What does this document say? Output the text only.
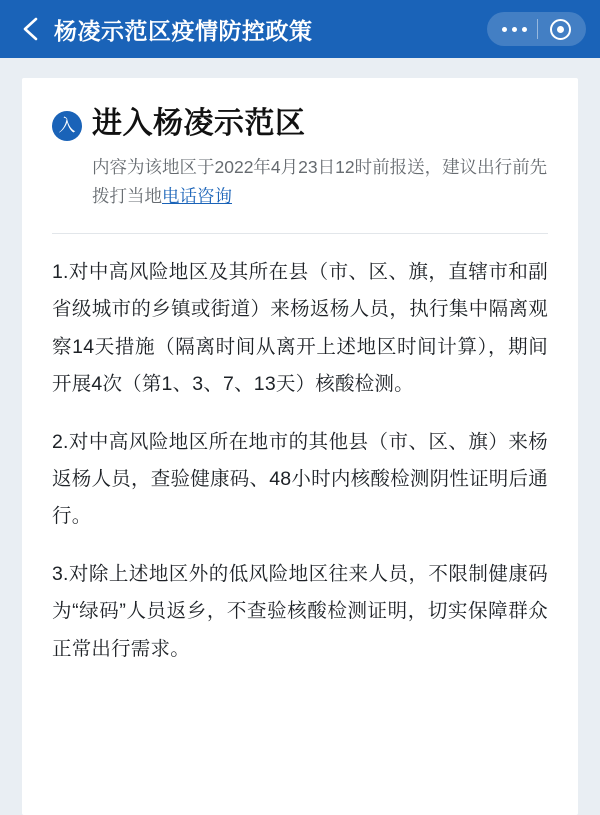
杨凌示范区疫情防控政策
入 进入杨凌示范区

内容为该地区于2022年4月23日12时前报送，建议出行前先拨打当地电话咨询

1.对中高风险地区及其所在县（市、区、旗，直辖市和副省级城市的乡镇或街道）来杨返杨人员，执行集中隔离观察14天措施（隔离时间从离开上述地区时间计算），期间开展4次（第1、3、7、13天）核酸检测。
2.对中高风险地区所在地市的其他县（市、区、旗）来杨返杨人员，查验健康码、48小时内核酸检测阴性证明后通行。
3.对除上述地区外的低风险地区往来人员，不限制健康码为“绿码”人员返乡，不查验核酸检测证明，切实保障群众正常出行需求。
